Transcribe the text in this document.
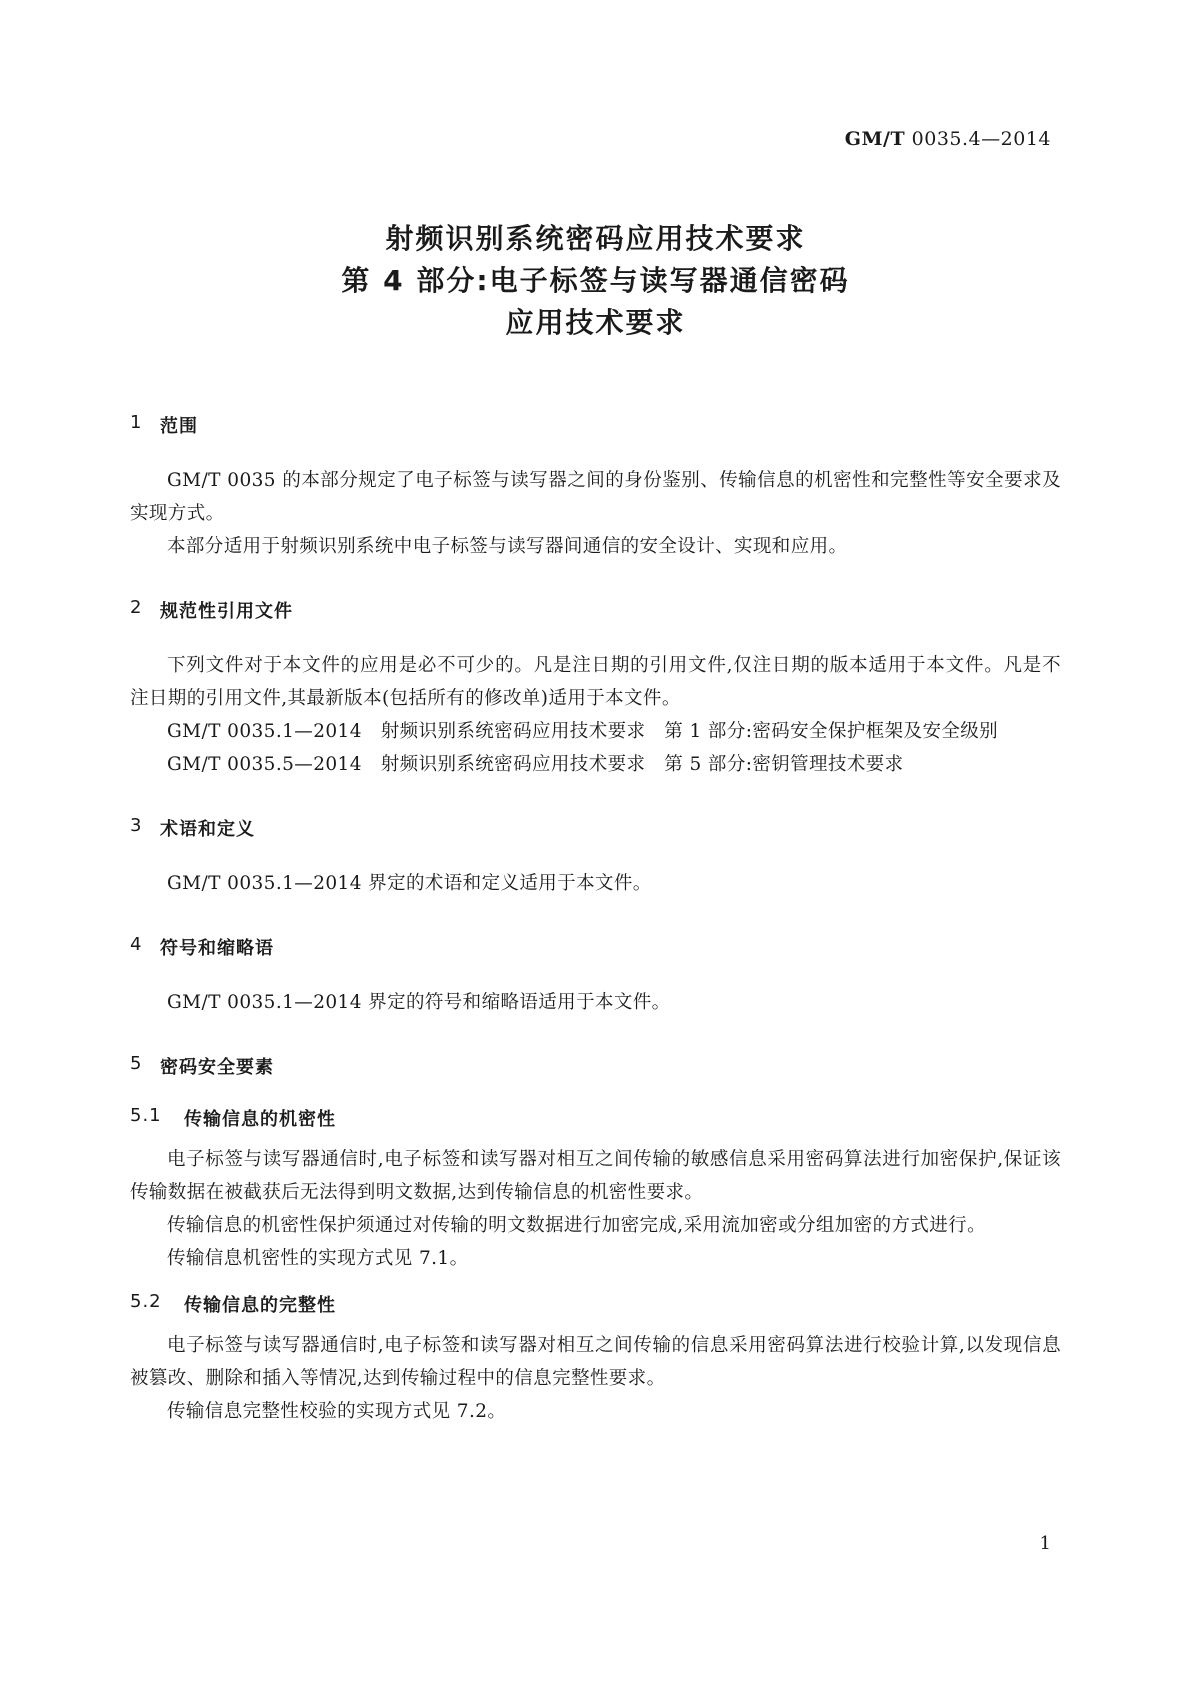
GM/T 0035.4—2014
射频识别系统密码应用技术要求
第 4 部分:电子标签与读写器通信密码
应用技术要求
1 范围

GM/T 0035 的本部分规定了电子标签与读写器之间的身份鉴别、传输信息的机密性和完整性等安全要求及实现方式。

本部分适用于射频识别系统中电子标签与读写器间通信的安全设计、实现和应用。

2 规范性引用文件

下列文件对于本文件的应用是必不可少的。凡是注日期的引用文件,仅注日期的版本适用于本文件。凡是不注日期的引用文件,其最新版本(包括所有的修改单)适用于本文件。

GM/T 0035.1—2014　射频识别系统密码应用技术要求　第 1 部分:密码安全保护框架及安全级别

GM/T 0035.5—2014　射频识别系统密码应用技术要求　第 5 部分:密钥管理技术要求

3 术语和定义

GM/T 0035.1—2014 界定的术语和定义适用于本文件。

4 符号和缩略语

GM/T 0035.1—2014 界定的符号和缩略语适用于本文件。

5 密码安全要素
5.1	传输信息的机密性

电子标签与读写器通信时,电子标签和读写器对相互之间传输的敏感信息采用密码算法进行加密保护,保证该传输数据在被截获后无法得到明文数据,达到传输信息的机密性要求。

传输信息的机密性保护须通过对传输的明文数据进行加密完成,采用流加密或分组加密的方式进行。

传输信息机密性的实现方式见 7.1。

5.2	传输信息的完整性

电子标签与读写器通信时,电子标签和读写器对相互之间传输的信息采用密码算法进行校验计算,以发现信息被篡改、删除和插入等情况,达到传输过程中的信息完整性要求。

传输信息完整性校验的实现方式见 7.2。

1
